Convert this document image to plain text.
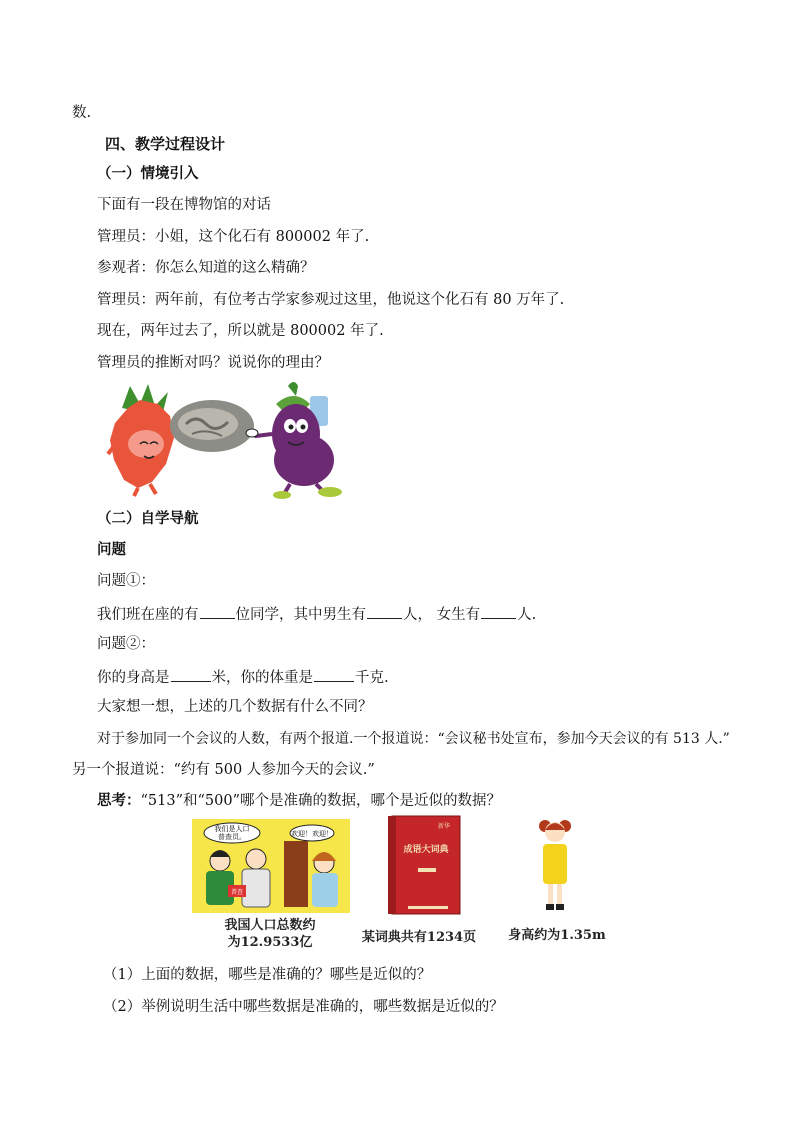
数.
四、教学过程设计
（一）情境引入
下面有一段在博物馆的对话
管理员：小姐，这个化石有 800002 年了.
参观者：你怎么知道的这么精确？
管理员：两年前，有位考古学家参观过这里，他说这个化石有 80 万年了.
现在，两年过去了，所以就是 800002 年了.
管理员的推断对吗？说说你的理由？
（二）自学导航
问题
问题①：
我们班在座的有	位同学，其中男生有	人， 女生有	人.
问题②：
你的身高是	米，你的体重是	千克.
大家想一想，上述的几个数据有什么不同？
对于参加同一个会议的人数，有两个报道.一个报道说：“会议秘书处宣布，参加今天会议的有 513 人.”
另一个报道说：“约有 500 人参加今天的会议.”
思考：“513”和“500”哪个是准确的数据，哪个是近似的数据？
我们是人口
普查员。	欢迎！欢迎！
普查
我国人口总数约
为12.9533亿
新华
成语大词典
某词典共有1234页	身高约为1.35m
（1）上面的数据，哪些是准确的？哪些是近似的？
（2）举例说明生活中哪些数据是准确的，哪些数据是近似的？
